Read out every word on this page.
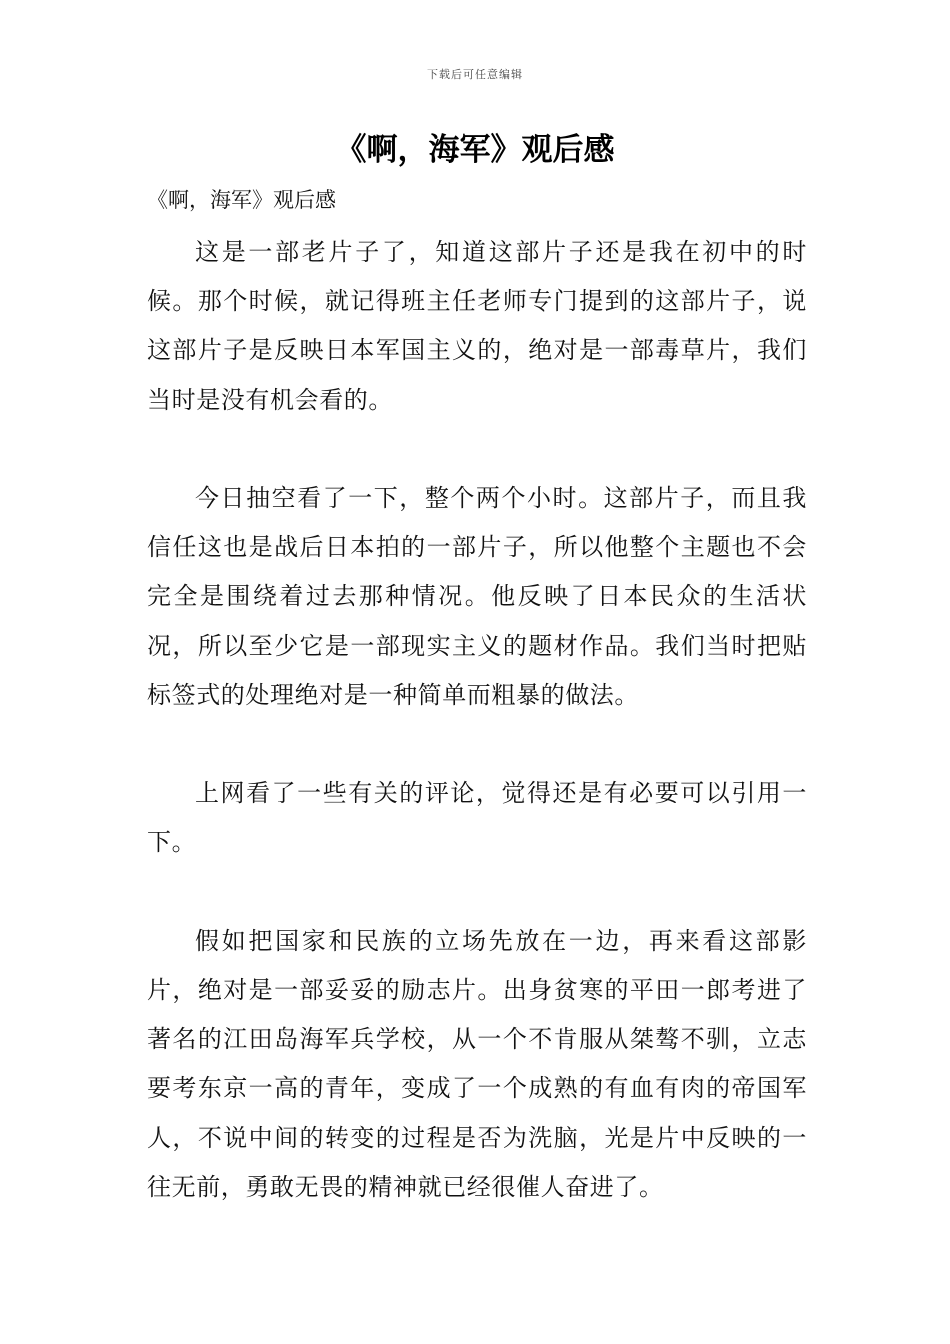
下载后可任意编辑
《啊，海军》观后感
《啊，海军》观后感

这是一部老片子了，知道这部片子还是我在初中的时候。那个时候，就记得班主任老师专门提到的这部片子，说这部片子是反映日本军国主义的，绝对是一部毒草片，我们当时是没有机会看的。

今日抽空看了一下，整个两个小时。这部片子，而且我信任这也是战后日本拍的一部片子，所以他整个主题也不会完全是围绕着过去那种情况。他反映了日本民众的生活状况，所以至少它是一部现实主义的题材作品。我们当时把贴标签式的处理绝对是一种简单而粗暴的做法。

上网看了一些有关的评论，觉得还是有必要可以引用一下。

假如把国家和民族的立场先放在一边，再来看这部影片，绝对是一部妥妥的励志片。出身贫寒的平田一郎考进了著名的江田岛海军兵学校，从一个不肯服从桀骜不驯，立志要考东京一高的青年，变成了一个成熟的有血有肉的帝国军人，不说中间的转变的过程是否为洗脑，光是片中反映的一往无前，勇敢无畏的精神就已经很催人奋进了。
